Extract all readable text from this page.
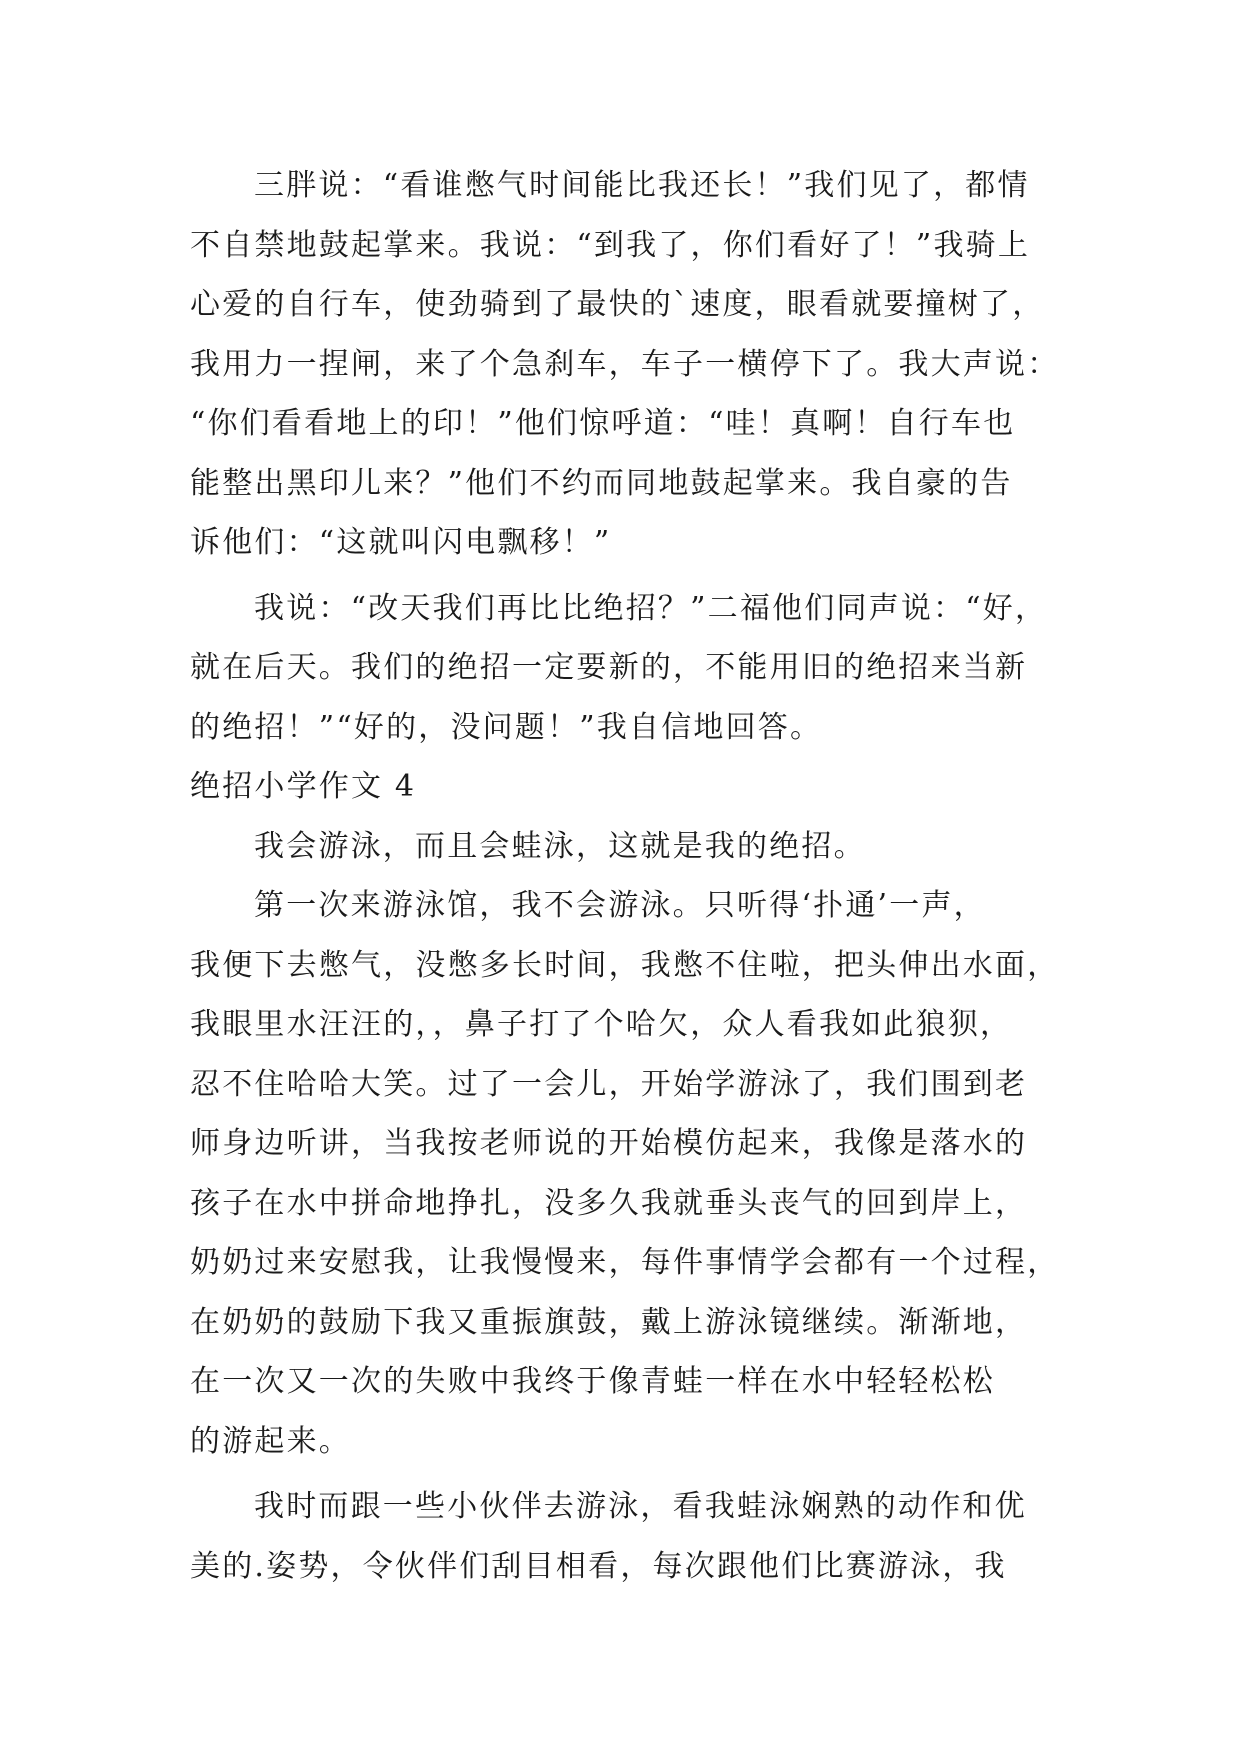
三胖说：“看谁憋气时间能比我还长！”我们见了，都情
不自禁地鼓起掌来。我说：“到我了，你们看好了！”我骑上
心爱的自行车，使劲骑到了最快的`速度，眼看就要撞树了，
我用力一捏闸，来了个急刹车，车子一横停下了。我大声说：
“你们看看地上的印！”他们惊呼道：“哇！真啊！自行车也
能整出黑印儿来？”他们不约而同地鼓起掌来。我自豪的告
诉他们：“这就叫闪电飘移！”
我说：“改天我们再比比绝招？”二福他们同声说：“好，
就在后天。我们的绝招一定要新的，不能用旧的绝招来当新
的绝招！”“好的，没问题！”我自信地回答。
绝招小学作文 4
我会游泳，而且会蛙泳，这就是我的绝招。
第一次来游泳馆，我不会游泳。只听得‘扑通’一声，
我便下去憋气，没憋多长时间，我憋不住啦，把头伸出水面，
我眼里水汪汪的，，鼻子打了个哈欠，众人看我如此狼狈，
忍不住哈哈大笑。过了一会儿，开始学游泳了，我们围到老
师身边听讲，当我按老师说的开始模仿起来，我像是落水的
孩子在水中拼命地挣扎，没多久我就垂头丧气的回到岸上，
奶奶过来安慰我，让我慢慢来，每件事情学会都有一个过程，
在奶奶的鼓励下我又重振旗鼓，戴上游泳镜继续。渐渐地，
在一次又一次的失败中我终于像青蛙一样在水中轻轻松松
的游起来。
我时而跟一些小伙伴去游泳，看我蛙泳娴熟的动作和优
美的.姿势，令伙伴们刮目相看，每次跟他们比赛游泳，我
